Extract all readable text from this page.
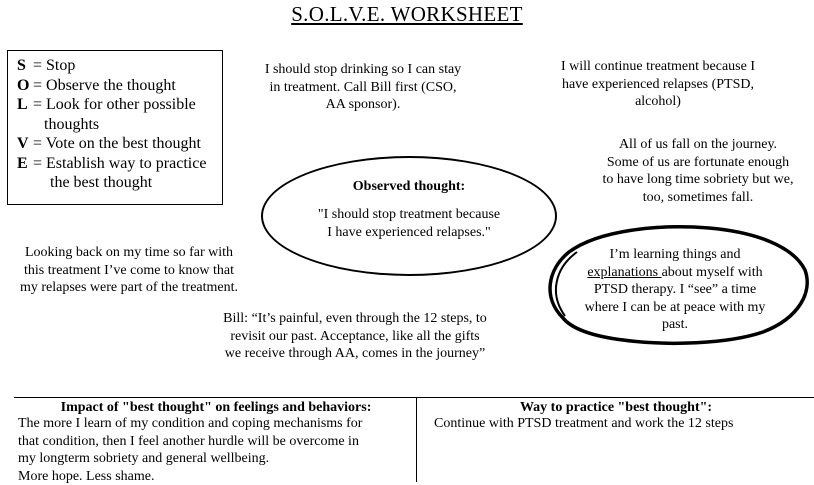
S.O.L.V.E. WORKSHEET
S = Stop
O = Observe the thought
L = Look for other possible
thoughts
V = Vote on the best thought
E = Establish way to practice
the best thought
I should stop drinking so I can stay
in treatment. Call Bill first (CSO,
AA sponsor).
I will continue treatment because I
have experienced relapses (PTSD,
alcohol)
All of us fall on the journey.
Some of us are fortunate enough
to have long time sobriety but we,
too, sometimes fall.
Observed thought:
"I should stop treatment because
I have experienced relapses."
Looking back on my time so far with
this treatment I’ve come to know that
my relapses were part of the treatment.
I’m learning things and
explanations about myself with
PTSD therapy. I “see” a time
where I can be at peace with my
past.
Bill: “It’s painful, even through the 12 steps, to
revisit our past. Acceptance, like all the gifts
we receive through AA, comes in the journey”
Impact of "best thought" on feelings and behaviors:
The more I learn of my condition and coping mechanisms for
that condition, then I feel another hurdle will be overcome in
my longterm sobriety and general wellbeing.
More hope. Less shame.
Way to practice "best thought":
Continue with PTSD treatment and work the 12 steps
